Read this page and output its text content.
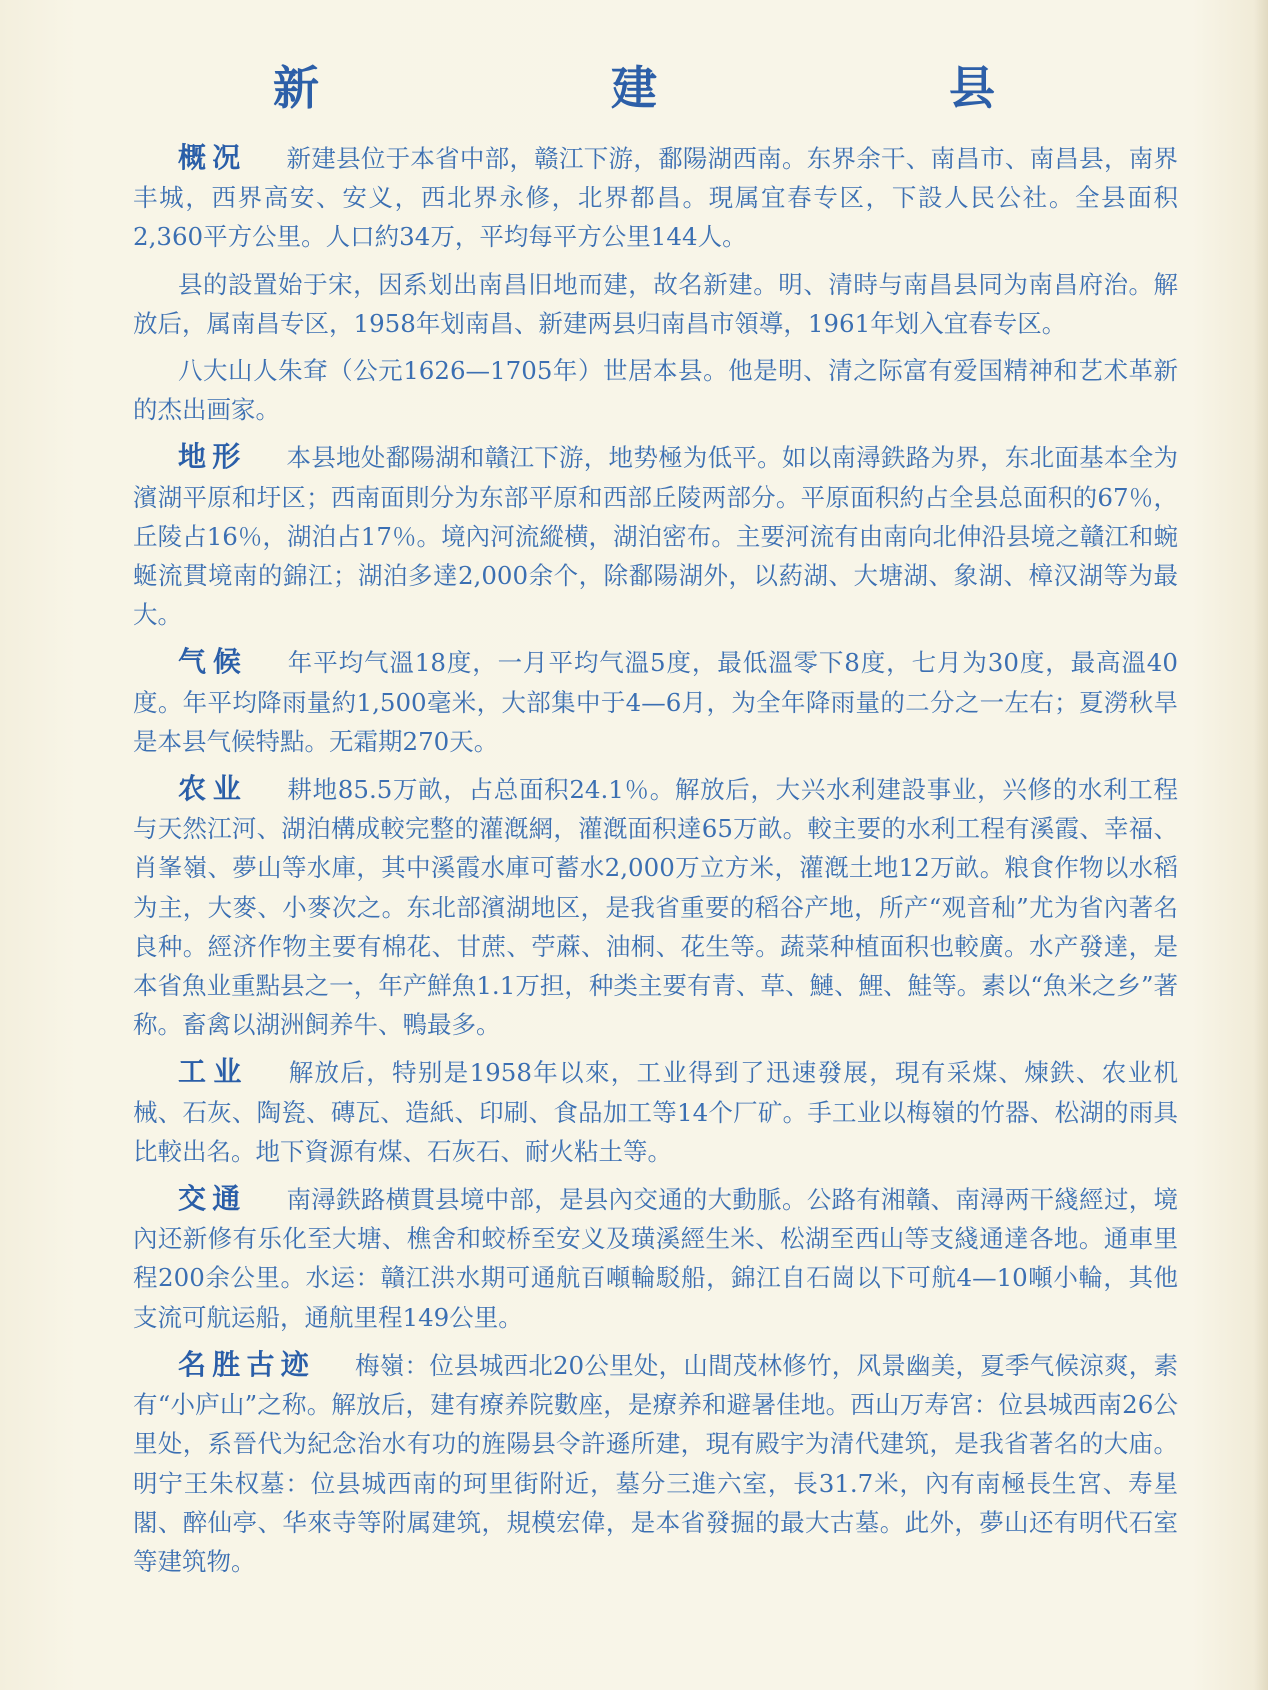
新 建 县

概况 新建县位于本省中部，赣江下游，鄱陽湖西南。东界余干、南昌市、南昌县，南界丰城，西界高安、安义，西北界永修，北界都昌。現属宜春专区，下設人民公社。全县面积2,360平方公里。人口約34万，平均每平方公里144人。

县的設置始于宋，因系划出南昌旧地而建，故名新建。明、清時与南昌县同为南昌府治。解放后，属南昌专区，1958年划南昌、新建两县归南昌市領導，1961年划入宜春专区。

八大山人朱耷（公元1626—1705年）世居本县。他是明、清之际富有爱国精神和艺术革新的杰出画家。

地形 本县地处鄱陽湖和贛江下游，地势極为低平。如以南潯鉄路为界，东北面基本全为濱湖平原和圩区；西南面則分为东部平原和西部丘陵两部分。平原面积約占全县总面积的67％，丘陵占16％，湖泊占17％。境內河流縱横，湖泊密布。主要河流有由南向北伸沿县境之贛江和蜿蜒流貫境南的錦江；湖泊多達2,000余个，除鄱陽湖外，以葯湖、大塘湖、象湖、樟汉湖等为最大。

气候 年平均气溫18度，一月平均气溫5度，最低溫零下8度，七月为30度，最高溫40度。年平均降雨量約1,500毫米，大部集中于4—6月，为全年降雨量的二分之一左右；夏澇秋旱是本县气候特點。无霜期270天。

农业 耕地85.5万畝，占总面积24.1％。解放后，大兴水利建設事业，兴修的水利工程与天然江河、湖泊構成較完整的灌漑網，灌漑面积達65万畝。較主要的水利工程有溪霞、幸福、肖峯嶺、夢山等水庫，其中溪霞水庫可蓄水2,000万立方米，灌漑土地12万畝。粮食作物以水稻为主，大麥、小麥次之。东北部濱湖地区，是我省重要的稻谷产地，所产“观音秈”尤为省內著名良种。經济作物主要有棉花、甘蔗、苧蔴、油桐、花生等。蔬菜种植面积也較廣。水产發達，是本省魚业重點县之一，年产鮮魚1.1万担，种类主要有青、草、鰱、鯉、鮭等。素以“魚米之乡”著称。畜禽以湖洲飼养牛、鴨最多。

工业 解放后，特别是1958年以來，工业得到了迅速發展，現有采煤、煉鉄、农业机械、石灰、陶瓷、磚瓦、造紙、印刷、食品加工等14个厂矿。手工业以梅嶺的竹器、松湖的雨具比較出名。地下資源有煤、石灰石、耐火粘土等。

交通 南潯鉄路横貫县境中部，是县內交通的大動脈。公路有湘贛、南潯两干綫經过，境內还新修有乐化至大塘、樵舍和蛟桥至安义及璜溪經生米、松湖至西山等支綫通達各地。通車里程200余公里。水运：贛江洪水期可通航百噸輪駁船，錦江自石崗以下可航4—10噸小輪，其他支流可航运船，通航里程149公里。

名胜古迹 梅嶺：位县城西北20公里处，山間茂林修竹，风景幽美，夏季气候涼爽，素有“小庐山”之称。解放后，建有療养院數座，是療养和避暑佳地。西山万寿宮：位县城西南26公里处，系晉代为紀念治水有功的旌陽县令許遜所建，現有殿宇为清代建筑，是我省著名的大庙。明宁王朱权墓：位县城西南的珂里街附近，墓分三進六室，長31.7米，內有南極長生宮、寿星閣、醉仙亭、华來寺等附属建筑，規模宏偉，是本省發掘的最大古墓。此外，夢山还有明代石室等建筑物。
